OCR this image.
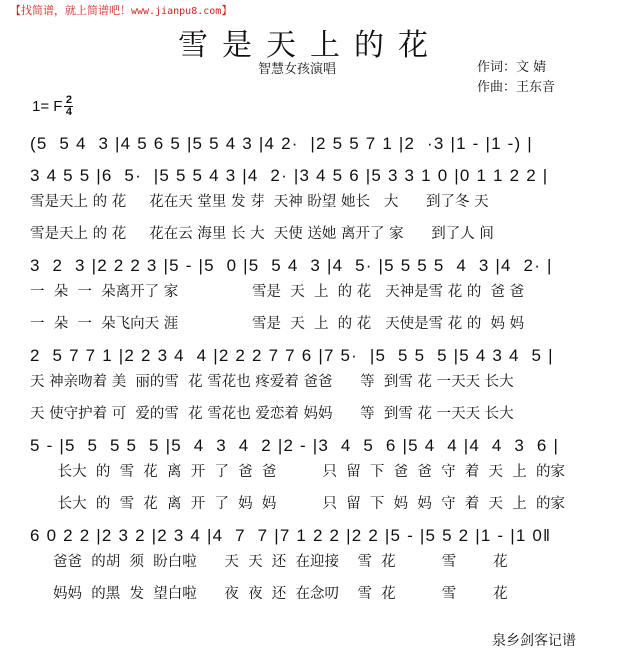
【找简谱，就上简谱吧！www.jianpu8.com】
雪是天上的花
智慧女孩演唱	作词：文 婧
作曲：王东音
1= F $\frac{2}{4}$
(5  5 4  3 |4 5 6 5 |5 5 4 3 |4 2·  |2 5 5 7 1 |2  ·3 |1 - |1 -) |
3 4 5 5 |6  5·  |5 5 5 4 3 |4  2· |3 4 5 6 |5 3 3 1 0 |0 1 1 2 2 |
雪是天上 的 花     花在天 堂里 发 芽  天神 盼望 她长   大      到了冬 天
雪是天上 的 花     花在云 海里 长 大  天使 送她 离开了 家      到了人 间
3  2  3 |2 2 2 3 |5 - |5  0 |5  5 4  3 |4  5· |5 5 5 5  4  3 |4  2· |
一  朵  一  朵离开了 家                雪是  天  上  的 花   天神是雪 花 的  爸 爸
一  朵  一  朵飞向天 涯                雪是  天  上  的 花   天使是雪 花 的  妈 妈
2  5 7 7 1 |2 2 3 4  4 |2 2 2 7 7 6 |7 5·  |5  5 5  5 |5 4 3 4  5 |
天 神亲吻着 美  丽的雪  花 雪花也 疼爱着 爸爸      等  到雪 花 一天天 长大
天 使守护着 可  爱的雪  花 雪花也 爱恋着 妈妈      等  到雪 花 一天天 长大
5 - |5  5  5 5  5 |5  4  3  4  2 |2 - |3  4  5  6 |5 4  4 |4  4  3  6 |
长大  的  雪  花  离  开  了  爸  爸          只  留  下  爸  爸  守  着  天  上  的家
长大  的  雪  花  离  开  了  妈  妈          只  留  下  妈  妈  守  着  天  上  的家
6 0 2 2 |2 3 2 |2 3 4 |4  7  7 |7 1 2 2 |2 2 |5 - |5 5 2 |1 - |1 0‖
爸爸  的胡  须  盼白啦      天  天  还  在迎接    雪  花          雪        花
妈妈  的黑  发  望白啦      夜  夜  还  在念叨    雪  花          雪        花
泉乡剑客记谱
